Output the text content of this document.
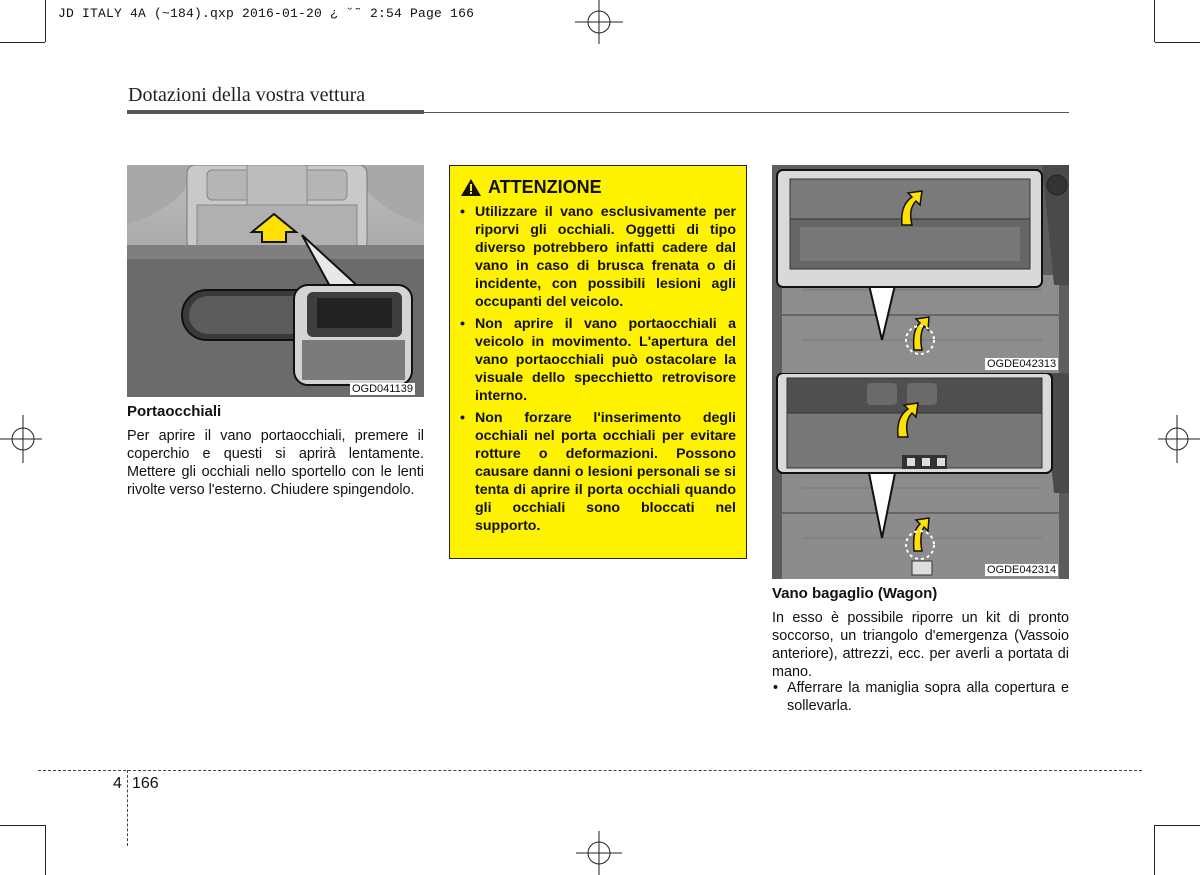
JD ITALY 4A (~184).qxp 2016-01-20 ¿ ˘˜ 2:54 Page 166
Dotazioni della vostra vettura
OGD041139
Portaocchiali
Per aprire il vano portaocchiali, premere il coperchio e questi si aprirà lentamente. Mettere gli occhiali nello sportello con le lenti rivolte verso l'esterno. Chiudere spingendolo.
ATTENZIONE
• Utilizzare il vano esclusivamente per riporvi gli occhiali. Oggetti di tipo diverso potrebbero infatti cadere dal vano in caso di brusca frenata o di incidente, con possibili lesioni agli occupanti del veicolo.
• Non aprire il vano portaocchiali a veicolo in movimento. L'apertura del vano portaocchiali può ostacolare la visuale dello specchietto retrovisore interno.
• Non forzare l'inserimento degli occhiali nel porta occhiali per evitare rotture o deformazioni. Possono causare danni o lesioni personali se si tenta di aprire il porta occhiali quando gli occhiali sono bloccati nel supporto.
OGDE042313
OGDE042314
Vano bagaglio (Wagon)
In esso è possibile riporre un kit di pronto soccorso, un triangolo d'emergenza (Vassoio anteriore), attrezzi, ecc. per averli a portata di mano.
• Afferrare la maniglia sopra alla copertura e sollevarla.
4 166
